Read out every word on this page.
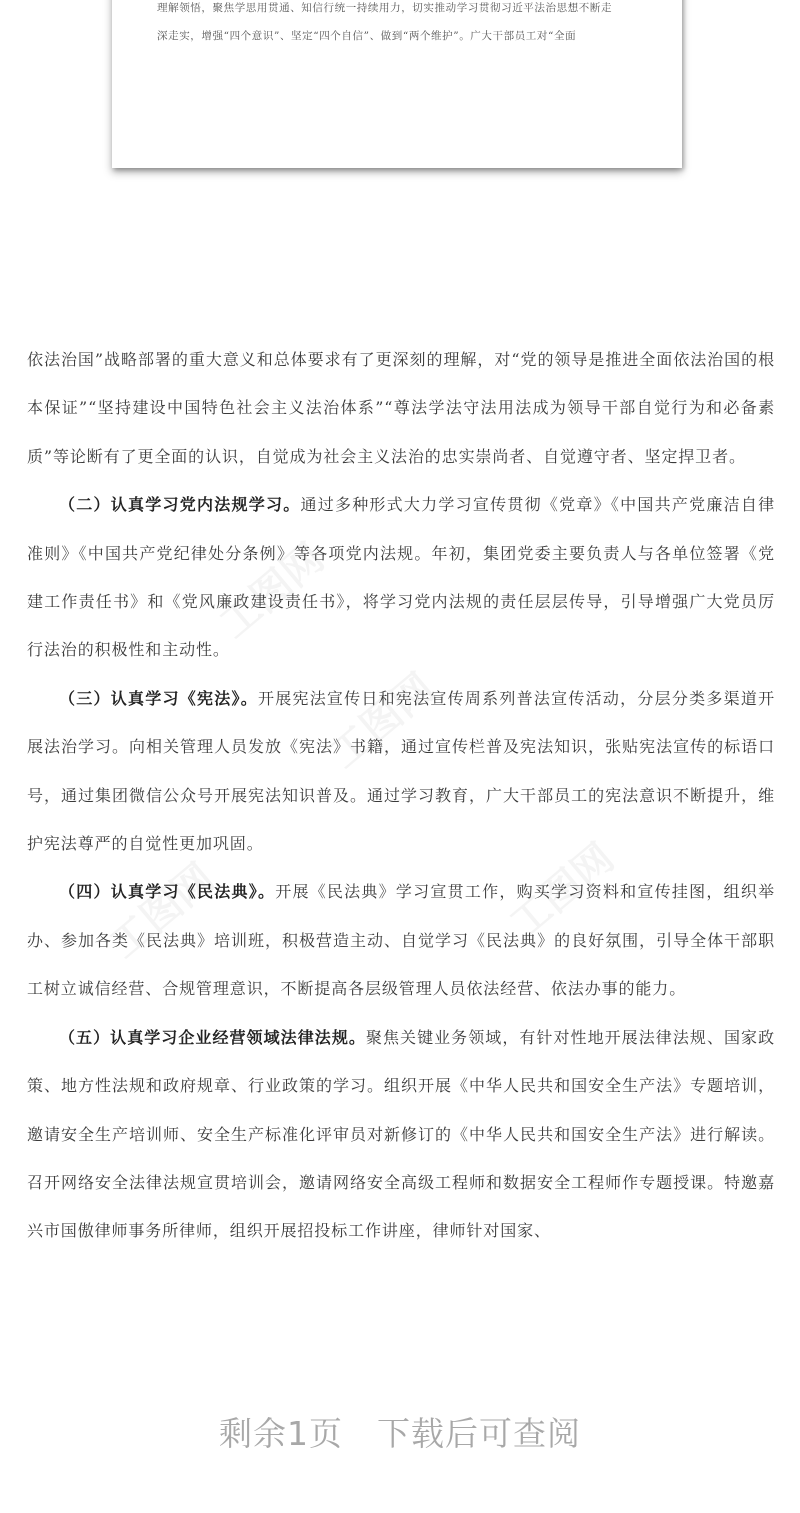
理解领悟，聚焦学思用贯通、知信行统一持续用力，切实推动学习贯彻习近平法治思想不断走
深走实，增强“四个意识”、坚定“四个自信”、做到“两个维护”。广大干部员工对“全面

依法治国”战略部署的重大意义和总体要求有了更深刻的理解，对“党的领导是推进全面依法治国的根本保证”“坚持建设中国特色社会主义法治体系”“尊法学法守法用法成为领导干部自觉行为和必备素质”等论断有了更全面的认识，自觉成为社会主义法治的忠实崇尚者、自觉遵守者、坚定捍卫者。

（二）认真学习党内法规学习。通过多种形式大力学习宣传贯彻《党章》《中国共产党廉洁自律准则》《中国共产党纪律处分条例》等各项党内法规。年初，集团党委主要负责人与各单位签署《党建工作责任书》和《党风廉政建设责任书》，将学习党内法规的责任层层传导，引导增强广大党员厉行法治的积极性和主动性。

（三）认真学习《宪法》。开展宪法宣传日和宪法宣传周系列普法宣传活动，分层分类多渠道开展法治学习。向相关管理人员发放《宪法》书籍，通过宣传栏普及宪法知识，张贴宪法宣传的标语口号，通过集团微信公众号开展宪法知识普及。通过学习教育，广大干部员工的宪法意识不断提升，维护宪法尊严的自觉性更加巩固。

（四）认真学习《民法典》。开展《民法典》学习宣贯工作，购买学习资料和宣传挂图，组织举办、参加各类《民法典》培训班，积极营造主动、自觉学习《民法典》的良好氛围，引导全体干部职工树立诚信经营、合规管理意识，不断提高各层级管理人员依法经营、依法办事的能力。

（五）认真学习企业经营领域法律法规。聚焦关键业务领域，有针对性地开展法律法规、国家政策、地方性法规和政府规章、行业政策的学习。组织开展《中华人民共和国安全生产法》专题培训，邀请安全生产培训师、安全生产标准化评审员对新修订的《中华人民共和国安全生产法》进行解读。召开网络安全法律法规宣贯培训会，邀请网络安全高级工程师和数据安全工程师作专题授课。特邀嘉兴市国傲律师事务所律师，组织开展招投标工作讲座，律师针对国家、

剩余1页 下载后可查阅
